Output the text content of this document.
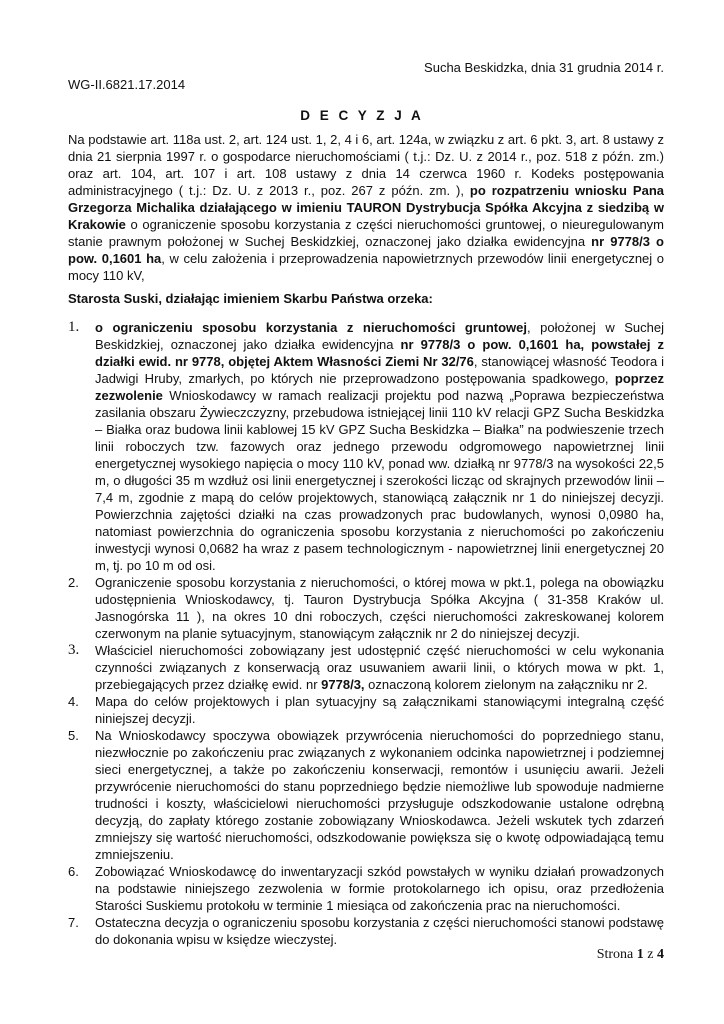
Sucha Beskidzka, dnia 31 grudnia 2014 r.
WG-II.6821.17.2014
D E C Y Z J A

Na podstawie art. 118a ust. 2, art. 124 ust. 1, 2, 4 i 6, art. 124a, w związku z art. 6 pkt. 3, art. 8 ustawy z dnia 21 sierpnia 1997 r. o gospodarce nieruchomościami ( t.j.: Dz. U. z 2014 r., poz. 518 z późn. zm.) oraz art. 104, art. 107 i art. 108 ustawy z dnia 14 czerwca 1960 r. Kodeks postępowania administracyjnego ( t.j.: Dz. U. z 2013 r., poz. 267 z późn. zm. ), po rozpatrzeniu wniosku Pana Grzegorza Michalika działającego w imieniu TAURON Dystrybucja Spółka Akcyjna z siedzibą w Krakowie o ograniczenie sposobu korzystania z części nieruchomości gruntowej, o nieuregulowanym stanie prawnym położonej w Suchej Beskidzkiej, oznaczonej jako działka ewidencyjna nr 9778/3 o pow. 0,1601 ha, w celu założenia i przeprowadzenia napowietrznych przewodów linii energetycznej o mocy 110 kV,

Starosta Suski, działając imieniem Skarbu Państwa orzeka:

1. o ograniczeniu sposobu korzystania z nieruchomości gruntowej, położonej w Suchej Beskidzkiej, oznaczonej jako działka ewidencyjna nr 9778/3 o pow. 0,1601 ha, powstałej z działki ewid. nr 9778, objętej Aktem Własności Ziemi Nr 32/76, stanowiącej własność Teodora i Jadwigi Hruby, zmarłych, po których nie przeprowadzono postępowania spadkowego, poprzez zezwolenie Wnioskodawcy w ramach realizacji projektu pod nazwą „Poprawa bezpieczeństwa zasilania obszaru Żywieczczyzny, przebudowa istniejącej linii 110 kV relacji GPZ Sucha Beskidzka – Białka oraz budowa linii kablowej 15 kV GPZ Sucha Beskidzka – Białka” na podwieszenie trzech linii roboczych tzw. fazowych oraz jednego przewodu odgromowego napowietrznej linii energetycznej wysokiego napięcia o mocy 110 kV, ponad ww. działką nr 9778/3 na wysokości 22,5 m, o długości 35 m wzdłuż osi linii energetycznej i szerokości licząc od skrajnych przewodów linii – 7,4 m, zgodnie z mapą do celów projektowych, stanowiącą załącznik nr 1 do niniejszej decyzji. Powierzchnia zajętości działki na czas prowadzonych prac budowlanych, wynosi 0,0980 ha, natomiast powierzchnia do ograniczenia sposobu korzystania z nieruchomości po zakończeniu inwestycji wynosi 0,0682 ha wraz z pasem technologicznym - napowietrznej linii energetycznej 20 m, tj. po 10 m od osi.
2. Ograniczenie sposobu korzystania z nieruchomości, o której mowa w pkt.1, polega na obowiązku udostępnienia Wnioskodawcy, tj. Tauron Dystrybucja Spółka Akcyjna ( 31-358 Kraków ul. Jasnogórska 11 ), na okres 10 dni roboczych, części nieruchomości zakreskowanej kolorem czerwonym na planie sytuacyjnym, stanowiącym załącznik nr 2 do niniejszej decyzji.
3. Właściciel nieruchomości zobowiązany jest udostępnić część nieruchomości w celu wykonania czynności związanych z konserwacją oraz usuwaniem awarii linii, o których mowa w pkt. 1, przebiegających przez działkę ewid. nr 9778/3, oznaczoną kolorem zielonym na załączniku nr 2.
4. Mapa do celów projektowych i plan sytuacyjny są załącznikami stanowiącymi integralną część niniejszej decyzji.
5. Na Wnioskodawcy spoczywa obowiązek przywrócenia nieruchomości do poprzedniego stanu, niezwłocznie po zakończeniu prac związanych z wykonaniem odcinka napowietrznej i podziemnej sieci energetycznej, a także po zakończeniu konserwacji, remontów i usunięciu awarii. Jeżeli przywrócenie nieruchomości do stanu poprzedniego będzie niemożliwe lub spowoduje nadmierne trudności i koszty, właścicielowi nieruchomości przysługuje odszkodowanie ustalone odrębną decyzją, do zapłaty którego zostanie zobowiązany Wnioskodawca. Jeżeli wskutek tych zdarzeń zmniejszy się wartość nieruchomości, odszkodowanie powiększa się o kwotę odpowiadającą temu zmniejszeniu.
6. Zobowiązać Wnioskodawcę do inwentaryzacji szkód powstałych w wyniku działań prowadzonych na podstawie niniejszego zezwolenia w formie protokolarnego ich opisu, oraz przedłożenia Starości Suskiemu protokołu w terminie 1 miesiąca od zakończenia prac na nieruchomości.
7. Ostateczna decyzja o ograniczeniu sposobu korzystania z części nieruchomości stanowi podstawę do dokonania wpisu w księdze wieczystej.
Strona 1 z 4
